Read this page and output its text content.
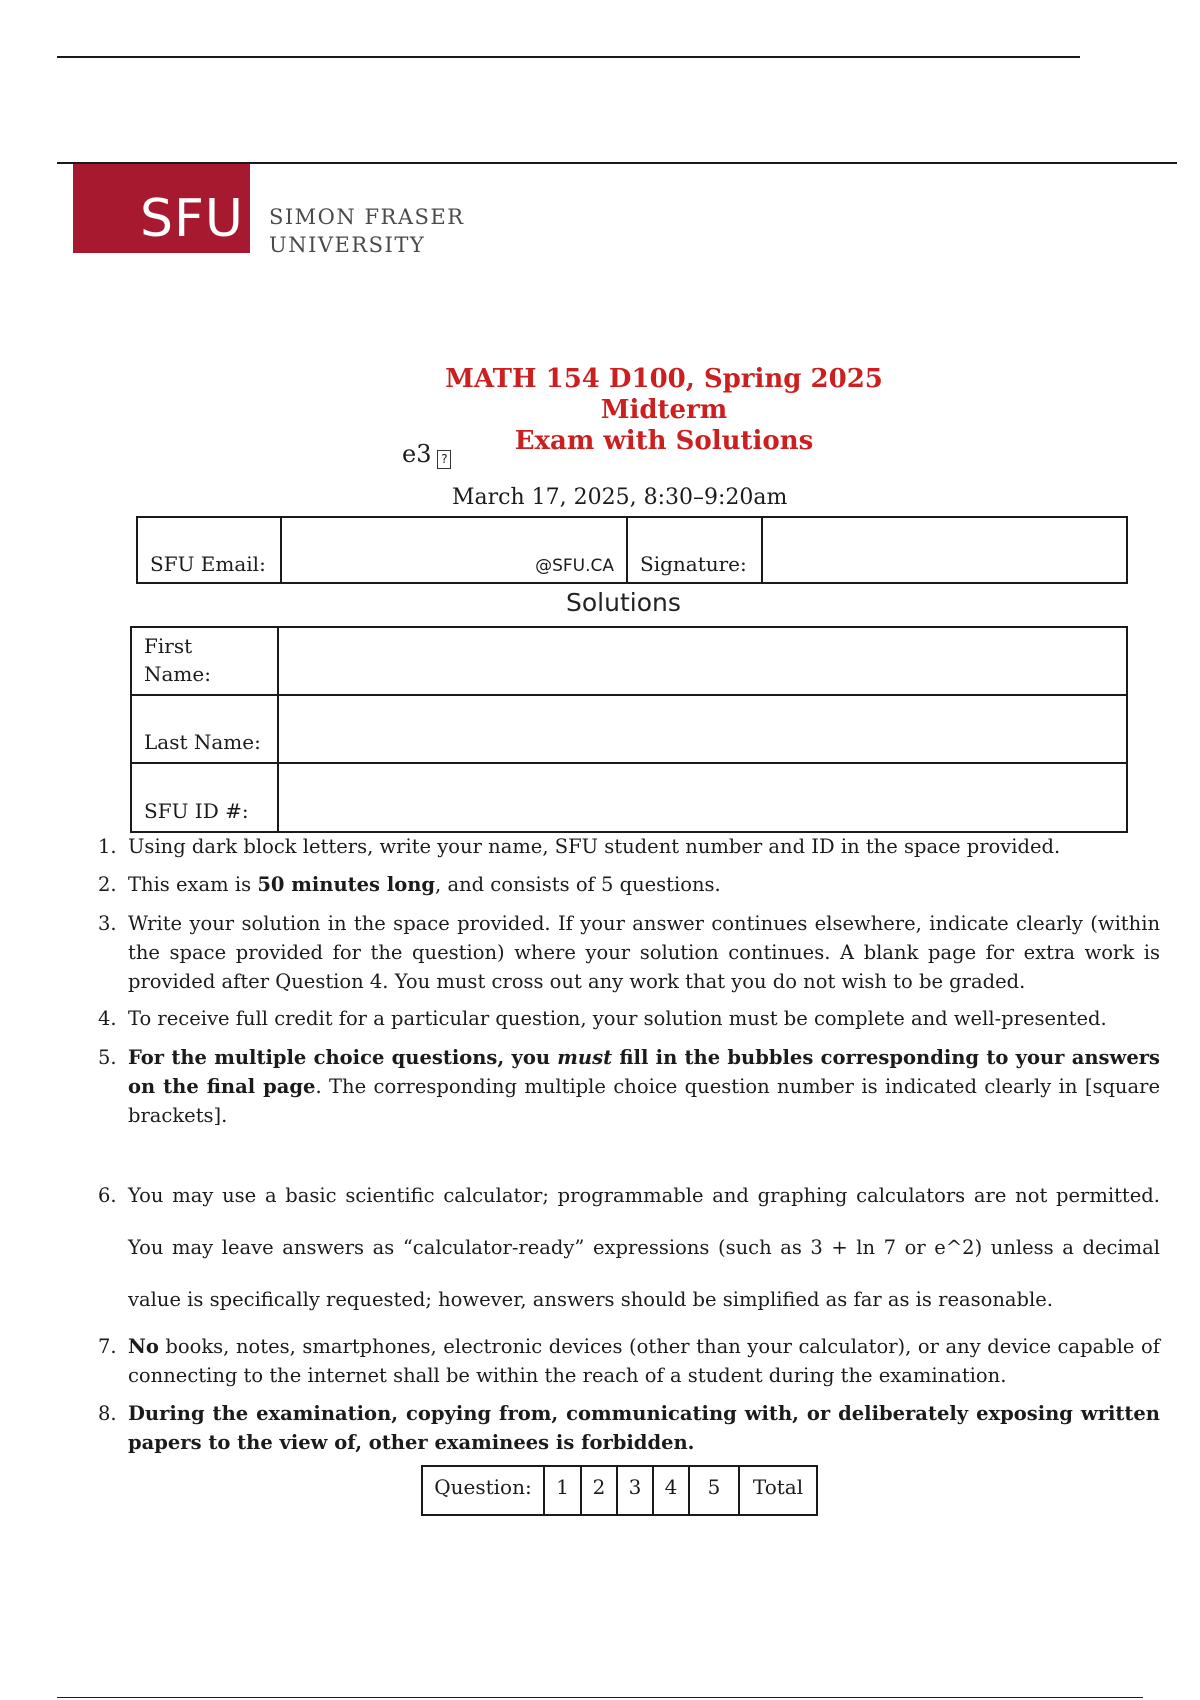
SFU SIMON FRASER
UNIVERSITY
MATH 154 D100, Spring 2025 Midterm
Exam with Solutions
e3 ?
March 17, 2025, 8:30–9:20am
SFU Email:	@SFU.CA Signature:
Solutions
First Name:
Last Name:
SFU ID #:
1. Using dark block letters, write your name, SFU student number and ID in the space provided.
2. This exam is 50 minutes long, and consists of 5 questions.
3. Write your solution in the space provided. If your answer continues elsewhere, indicate clearly (within the space provided for the question) where your solution continues. A blank page for extra work is provided after Question 4. You must cross out any work that you do not wish to be graded.
4. To receive full credit for a particular question, your solution must be complete and well-presented.
5. For the multiple choice questions, you must fill in the bubbles corresponding to your answers on the final page. The corresponding multiple choice question number is indicated clearly in [square brackets].
6. You may use a basic scientific calculator; programmable and graphing calculators are not permitted. You may leave answers as “calculator-ready” expressions (such as 3 + ln 7 or e^2) unless a decimal value is specifically requested; however, answers should be simplified as far as is reasonable.
7. No books, notes, smartphones, electronic devices (other than your calculator), or any device capable of connecting to the internet shall be within the reach of a student during the examination.
8. During the examination, copying from, communicating with, or deliberately exposing written papers to the view of, other examinees is forbidden.
Question:	1	2	3	4	5	Total
